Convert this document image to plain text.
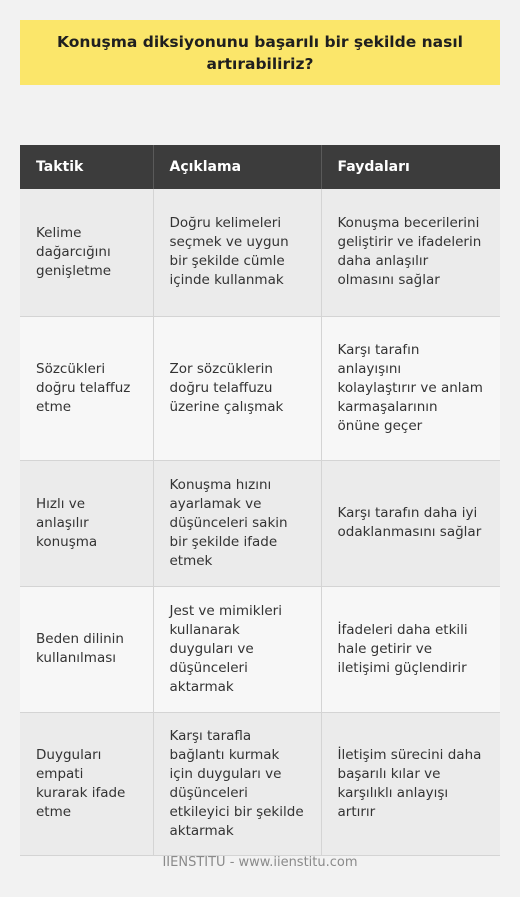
Konuşma diksiyonunu başarılı bir şekilde nasıl artırabiliriz?
Taktik	Açıklama	Faydaları
Kelime dağarcığını genişletme	Doğru kelimeleri seçmek ve uygun bir şekilde cümle içinde kullanmak	Konuşma becerilerini geliştirir ve ifadelerin daha anlaşılır olmasını sağlar
Sözcükleri doğru telaffuz etme	Zor sözcüklerin doğru telaffuzu üzerine çalışmak	Karşı tarafın anlayışını kolaylaştırır ve anlam karmaşalarının önüne geçer
Hızlı ve anlaşılır konuşma	Konuşma hızını ayarlamak ve düşünceleri sakin bir şekilde ifade etmek	Karşı tarafın daha iyi odaklanmasını sağlar
Beden dilinin kullanılması	Jest ve mimikleri kullanarak duyguları ve düşünceleri aktarmak	İfadeleri daha etkili hale getirir ve iletişimi güçlendirir
Duyguları empati kurarak ifade etme	Karşı tarafla bağlantı kurmak için duyguları ve düşünceleri etkileyici bir şekilde aktarmak	İletişim sürecini daha başarılı kılar ve karşılıklı anlayışı artırır
IIENSTITU - www.iienstitu.com
